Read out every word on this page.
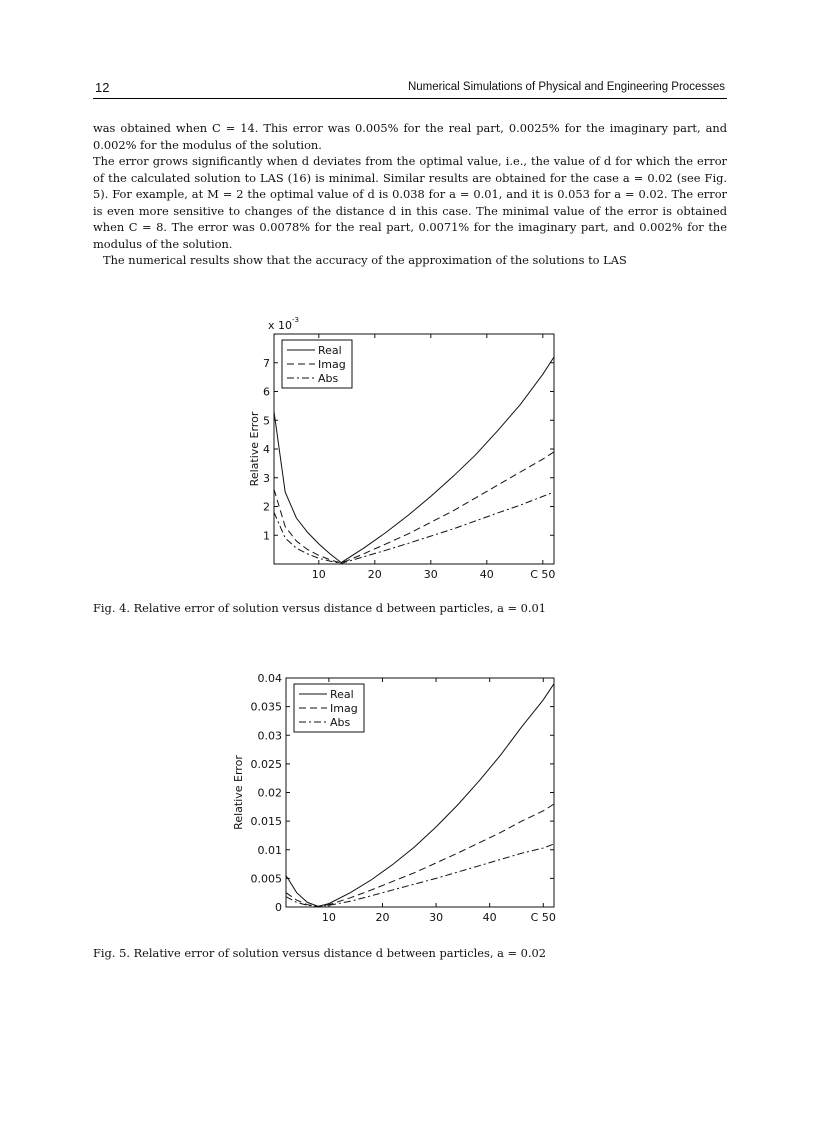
12	Numerical Simulations of Physical and Engineering Processes

was obtained when C = 14. This error was 0.005% for the real part, 0.0025% for the imaginary part, and 0.002% for the modulus of the solution.

The error grows significantly when d deviates from the optimal value, i.e., the value of d for which the error of the calculated solution to LAS (16) is minimal. Similar results are obtained for the case a = 0.02 (see Fig. 5). For example, at M = 2 the optimal value of d is 0.038 for a = 0.01, and it is 0.053 for a = 0.02. The error is even more sensitive to changes of the distance d in this case. The minimal value of the error is obtained when C = 8. The error was 0.0078% for the real part, 0.0071% for the imaginary part, and 0.002% for the modulus of the solution.

The numerical results show that the accuracy of the approximation of the solutions to LAS

10	20	30	40	C 50
1
2
3
4
5
6
7
x 10 -3
Relative Error
Real
Imag
Abs
Fig. 4. Relative error of solution versus distance d between particles, a = 0.01
10	20	30	40	C 50
0
0.005
0.01
0.015
0.02
0.025
0.03
0.035
0.04
Relative Error
Real
Imag
Abs
Fig. 5. Relative error of solution versus distance d between particles, a = 0.02
